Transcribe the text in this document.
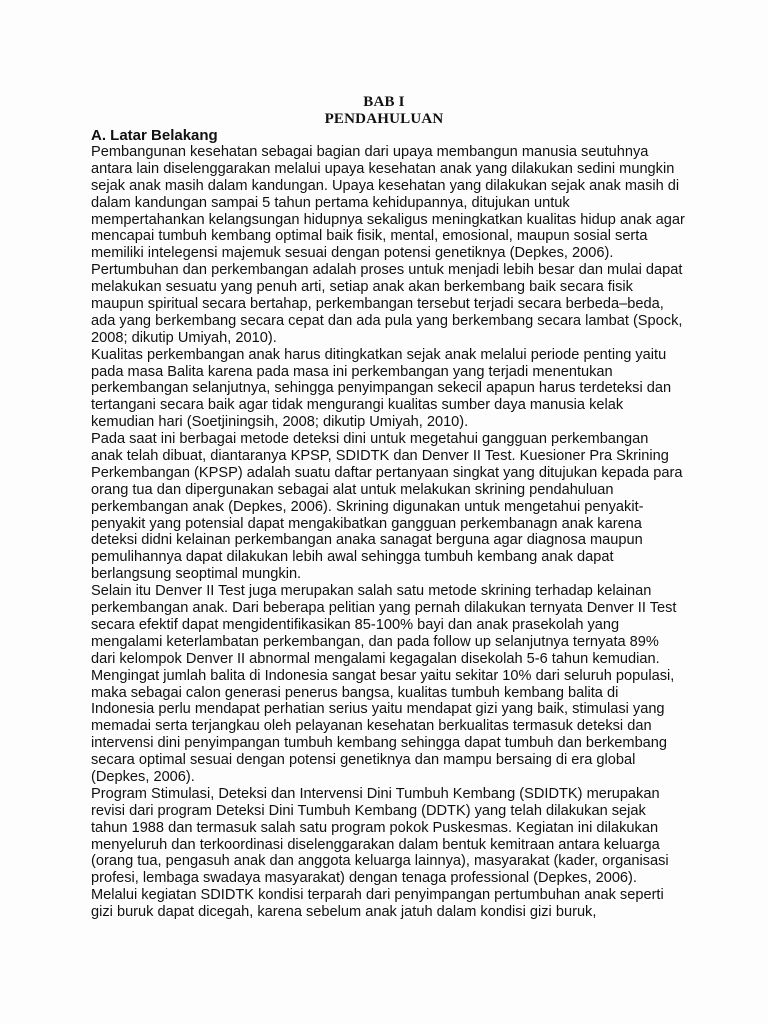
BAB I
PENDAHULUAN
A. Latar Belakang
Pembangunan kesehatan sebagai bagian dari upaya membangun manusia seutuhnya
antara lain diselenggarakan melalui upaya kesehatan anak yang dilakukan sedini mungkin
sejak anak masih dalam kandungan. Upaya kesehatan yang dilakukan sejak anak masih di
dalam kandungan sampai 5 tahun pertama kehidupannya, ditujukan untuk
mempertahankan kelangsungan hidupnya sekaligus meningkatkan kualitas hidup anak agar
mencapai tumbuh kembang optimal baik fisik, mental, emosional, maupun sosial serta
memiliki intelegensi majemuk sesuai dengan potensi genetiknya (Depkes, 2006).
Pertumbuhan dan perkembangan adalah proses untuk menjadi lebih besar dan mulai dapat
melakukan sesuatu yang penuh arti, setiap anak akan berkembang baik secara fisik
maupun spiritual secara bertahap, perkembangan tersebut terjadi secara berbeda–beda,
ada yang berkembang secara cepat dan ada pula yang berkembang secara lambat (Spock,
2008; dikutip Umiyah, 2010).
Kualitas perkembangan anak harus ditingkatkan sejak anak melalui periode penting yaitu
pada masa Balita karena pada masa ini perkembangan yang terjadi menentukan
perkembangan selanjutnya, sehingga penyimpangan sekecil apapun harus terdeteksi dan
tertangani secara baik agar tidak mengurangi kualitas sumber daya manusia kelak
kemudian hari (Soetjiningsih, 2008; dikutip Umiyah, 2010).
Pada saat ini berbagai metode deteksi dini untuk megetahui gangguan perkembangan
anak telah dibuat, diantaranya KPSP, SDIDTK dan Denver II Test. Kuesioner Pra Skrining
Perkembangan (KPSP) adalah suatu daftar pertanyaan singkat yang ditujukan kepada para
orang tua dan dipergunakan sebagai alat untuk melakukan skrining pendahuluan
perkembangan anak (Depkes, 2006). Skrining digunakan untuk mengetahui penyakit-
penyakit yang potensial dapat mengakibatkan gangguan perkembanagn anak karena
deteksi didni kelainan perkembangan anaka sanagat berguna agar diagnosa maupun
pemulihannya dapat dilakukan lebih awal sehingga tumbuh kembang anak dapat
berlangsung seoptimal mungkin.
Selain itu Denver II Test juga merupakan salah satu metode skrining terhadap kelainan
perkembangan anak. Dari beberapa pelitian yang pernah dilakukan ternyata Denver II Test
secara efektif dapat mengidentifikasikan 85-100% bayi dan anak prasekolah yang
mengalami keterlambatan perkembangan, dan pada follow up selanjutnya ternyata 89%
dari kelompok Denver II abnormal mengalami kegagalan disekolah 5-6 tahun kemudian.
Mengingat jumlah balita di Indonesia sangat besar yaitu sekitar 10% dari seluruh populasi,
maka sebagai calon generasi penerus bangsa, kualitas tumbuh kembang balita di
Indonesia perlu mendapat perhatian serius yaitu mendapat gizi yang baik, stimulasi yang
memadai serta terjangkau oleh pelayanan kesehatan berkualitas termasuk deteksi dan
intervensi dini penyimpangan tumbuh kembang sehingga dapat tumbuh dan berkembang
secara optimal sesuai dengan potensi genetiknya dan mampu bersaing di era global
(Depkes, 2006).
Program Stimulasi, Deteksi dan Intervensi Dini Tumbuh Kembang (SDIDTK) merupakan
revisi dari program Deteksi Dini Tumbuh Kembang (DDTK) yang telah dilakukan sejak
tahun 1988 dan termasuk salah satu program pokok Puskesmas. Kegiatan ini dilakukan
menyeluruh dan terkoordinasi diselenggarakan dalam bentuk kemitraan antara keluarga
(orang tua, pengasuh anak dan anggota keluarga lainnya), masyarakat (kader, organisasi
profesi, lembaga swadaya masyarakat) dengan tenaga professional (Depkes, 2006).
Melalui kegiatan SDIDTK kondisi terparah dari penyimpangan pertumbuhan anak seperti
gizi buruk dapat dicegah, karena sebelum anak jatuh dalam kondisi gizi buruk,
